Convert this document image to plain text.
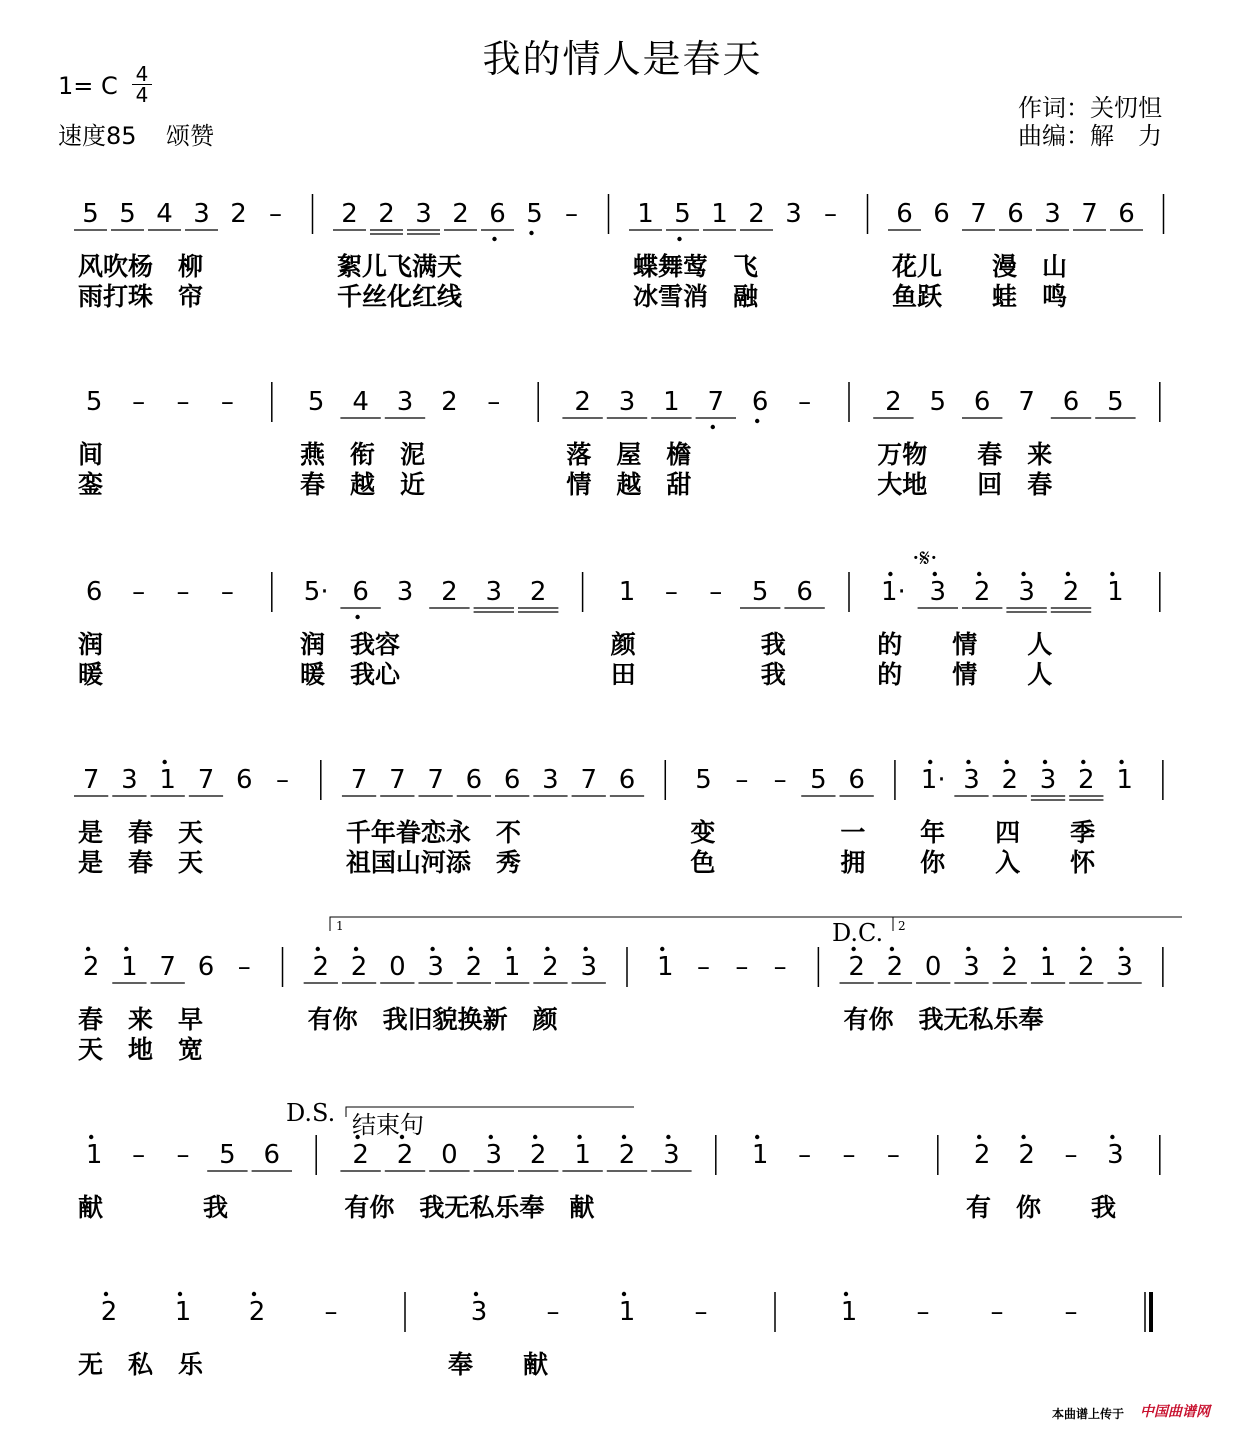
我的情人是春天
1= C $\frac{4}{4}$
速度85 颂赞
作词：关忉怛
曲编：解　力
5 5 4 3 2 – 2 2 3 2 6 5 – 1 5 1 2 3 – 6 6 7 6 3 7 6
风吹杨　柳
雨打珠　帘
絮儿飞满天
千丝化红线
蝶舞莺　飞
冰雪消　融
花儿　　漫　山
鱼跃　　蛙　鸣
5 – – –	5 4 3 2 –	2 3 1 7 6 –	2 5 6 7 6 5
间
銮
燕　衔　泥
春　越　近
落　屋　檐
情　越　甜
万物　　春　来
大地　　回　春
6 – – –	5· 6 3 2 3 2	1 – – 5 6	1· 3 2 3 2 1
润
暖
润　我容
暖　我心
颜　　　　　我
田　　　　　我
的　　情　　人
的　　情　　人
·𝄋·
7 3 1 7 6 – 7 7 7 6 6 3 7 6 5 – – 5 6 1· 3 2 3 2 1
是　春　天
是　春　天
千年眷恋永　不
祖国山河添　秀
变　　　　　一
色　　　　　拥
年　　四　　季
你　　入　　怀
2 1 7 6 – 2 2 0 3 2 1 2 3 1 – – – 2 2 0 3 2 1 2 3
春　来　早
天　地　宽
有你　我旧貌换新　颜	有你　我无私乐奉
1	2
D.C.
1 – – 5 6	2 2 0 3 2 1 2 3	1 – – –	2 2 – 3
献　　　　我	有你　我无私乐奉　献	有　你　　我
D.S. 结束句
2 1 2 –	3 – 1 –	1 – – –
无　私　乐	奉　　献
本曲谱上传于 中国曲谱网
